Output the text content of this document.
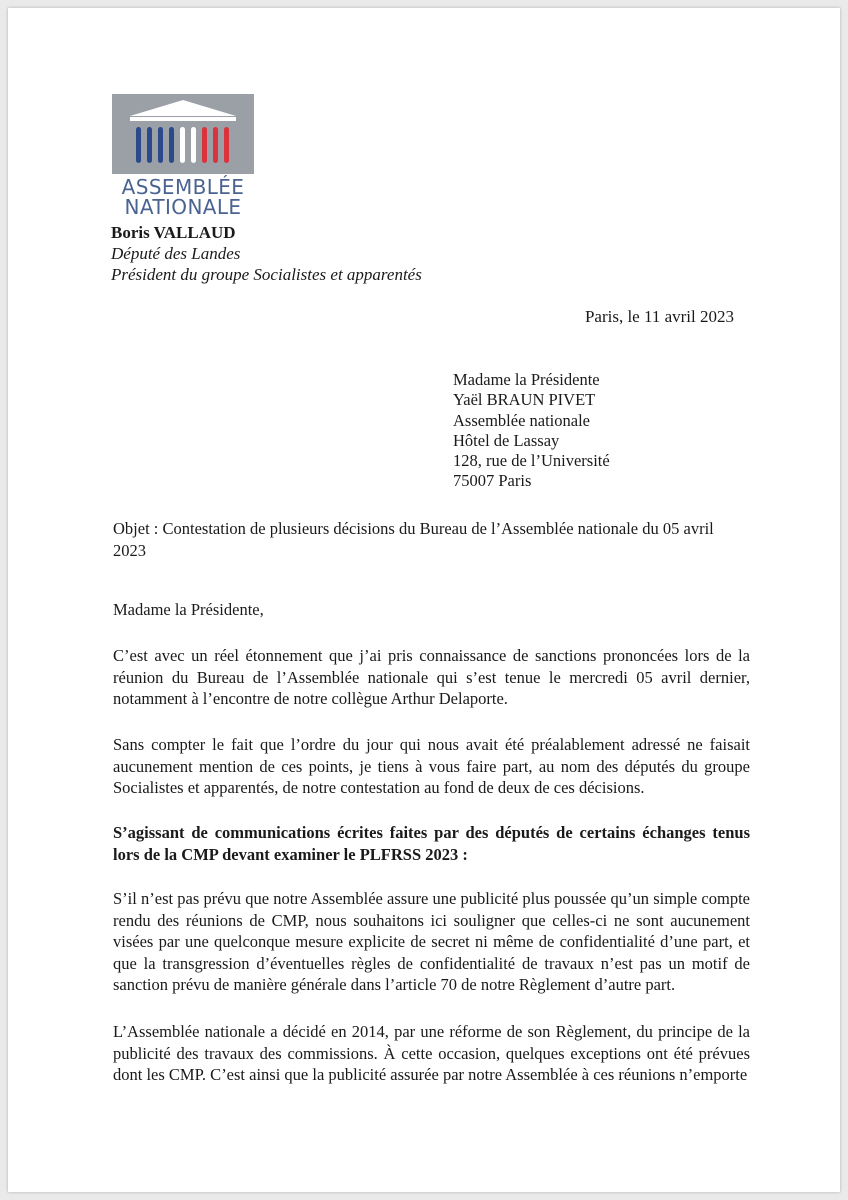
ASSEMBLÉE
NATIONALE
Boris VALLAUD
Député des Landes
Président du groupe Socialistes et apparentés
Paris, le 11 avril 2023
Madame la Présidente
Yaël BRAUN PIVET
Assemblée nationale
Hôtel de Lassay
128, rue de l’Université
75007 Paris
Objet : Contestation de plusieurs décisions du Bureau de l’Assemblée nationale du 05 avril
2023
Madame la Présidente,
C’est avec un réel étonnement que j’ai pris connaissance de sanctions prononcées lors de la réunion du Bureau de l’Assemblée nationale qui s’est tenue le mercredi 05 avril dernier, notamment à l’encontre de notre collègue Arthur Delaporte.
Sans compter le fait que l’ordre du jour qui nous avait été préalablement adressé ne faisait aucunement mention de ces points, je tiens à vous faire part, au nom des députés du groupe Socialistes et apparentés, de notre contestation au fond de deux de ces décisions.
S’agissant de communications écrites faites par des députés de certains échanges tenus lors de la CMP devant examiner le PLFRSS 2023 :
S’il n’est pas prévu que notre Assemblée assure une publicité plus poussée qu’un simple compte rendu des réunions de CMP, nous souhaitons ici souligner que celles-ci ne sont aucunement visées par une quelconque mesure explicite de secret ni même de confidentialité d’une part, et que la transgression d’éventuelles règles de confidentialité de travaux n’est pas un motif de sanction prévu de manière générale dans l’article 70 de notre Règlement d’autre part.
L’Assemblée nationale a décidé en 2014, par une réforme de son Règlement, du principe de la publicité des travaux des commissions. À cette occasion, quelques exceptions ont été prévues dont les CMP. C’est ainsi que la publicité assurée par notre Assemblée à ces réunions n’emporte
